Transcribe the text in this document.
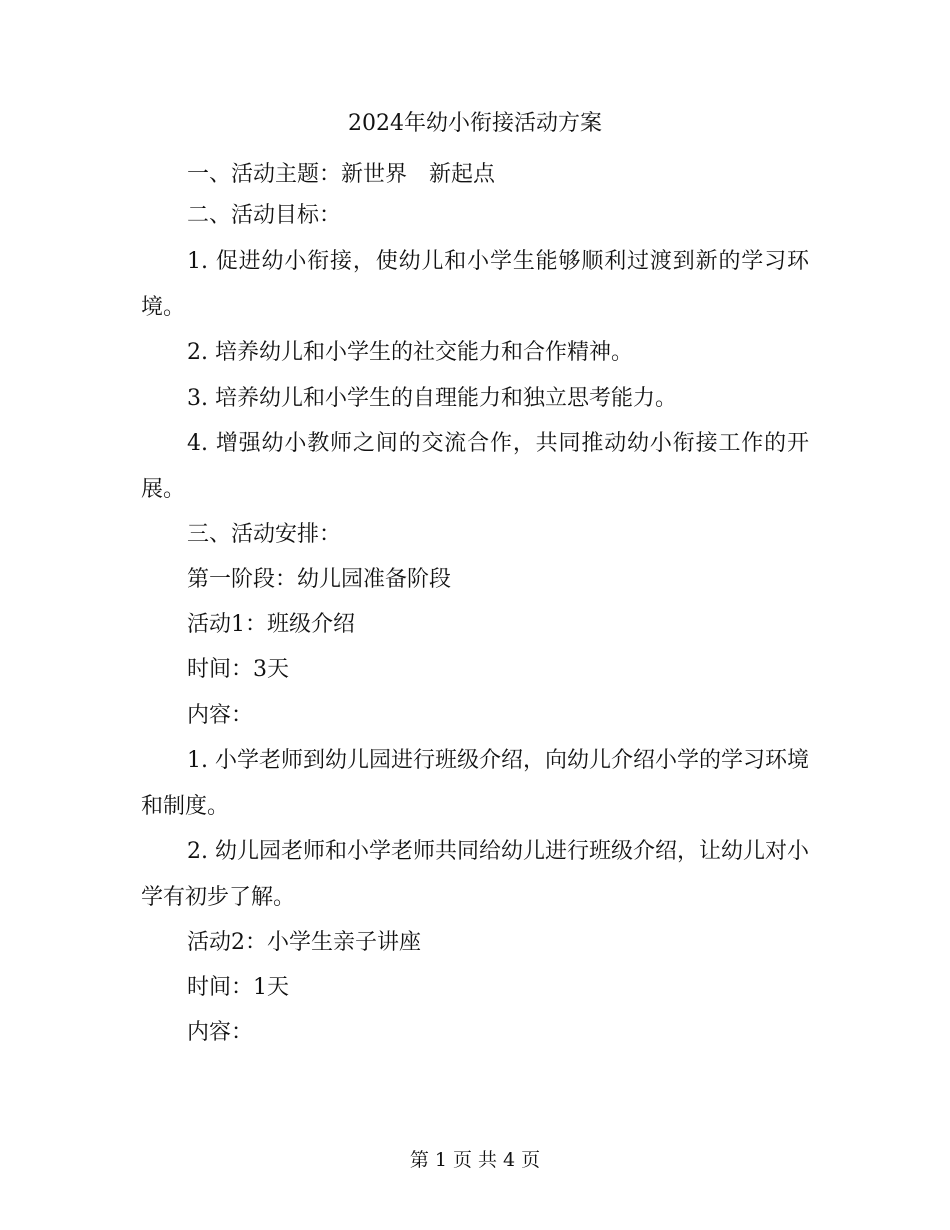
2024年幼小衔接活动方案

一、活动主题：新世界　新起点

二、活动目标：

1. 促进幼小衔接，使幼儿和小学生能够顺利过渡到新的学习环境。

2. 培养幼儿和小学生的社交能力和合作精神。

3. 培养幼儿和小学生的自理能力和独立思考能力。

4. 增强幼小教师之间的交流合作，共同推动幼小衔接工作的开展。

三、活动安排：

第一阶段：幼儿园准备阶段

活动1：班级介绍

时间：3天

内容：

1. 小学老师到幼儿园进行班级介绍，向幼儿介绍小学的学习环境和制度。

2. 幼儿园老师和小学老师共同给幼儿进行班级介绍，让幼儿对小学有初步了解。

活动2：小学生亲子讲座

时间：1天

内容：

第 1 页 共 4 页
